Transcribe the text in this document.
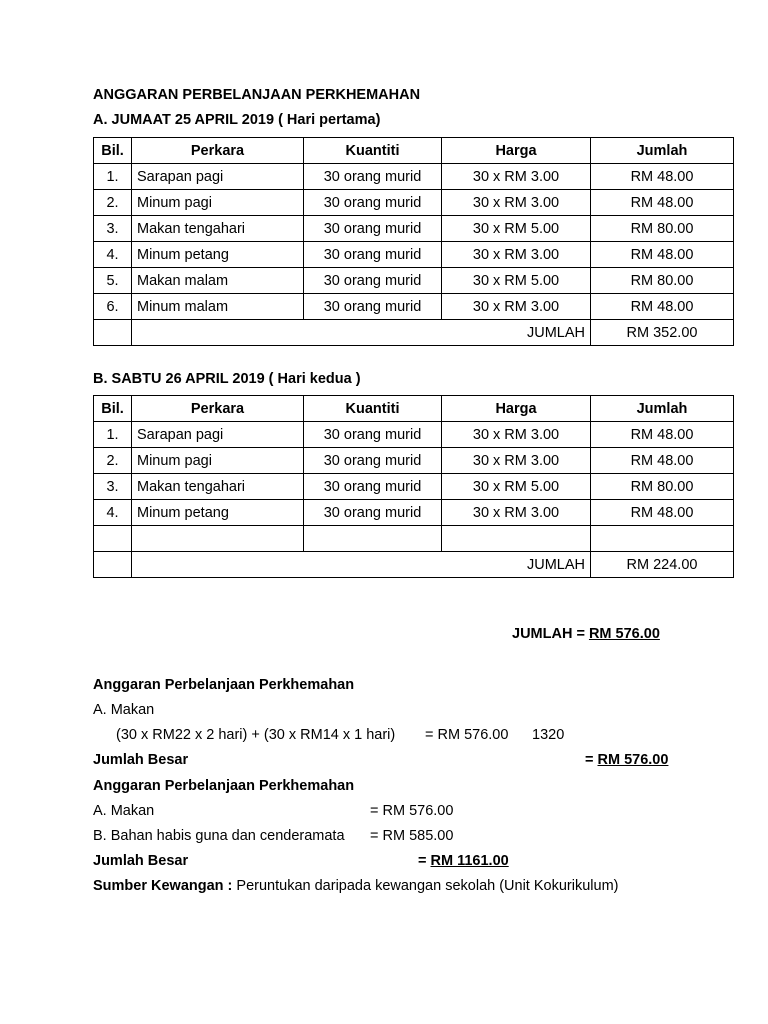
ANGGARAN PERBELANJAAN PERKHEMAHAN
A. JUMAAT 25 APRIL 2019 ( Hari pertama)
Bil.	Perkara	Kuantiti	Harga	Jumlah
1.	Sarapan pagi	30 orang murid	30 x RM 3.00	RM 48.00
2.	Minum pagi	30 orang murid	30 x RM 3.00	RM 48.00
3.	Makan tengahari	30 orang murid	30 x RM 5.00	RM 80.00
4.	Minum petang	30 orang murid	30 x RM 3.00	RM 48.00
5.	Makan malam	30 orang murid	30 x RM 5.00	RM 80.00
6.	Minum malam	30 orang murid	30 x RM 3.00	RM 48.00
	JUMLAH			RM 352.00
B. SABTU 26 APRIL 2019 ( Hari kedua )
Bil.	Perkara	Kuantiti	Harga	Jumlah
1.	Sarapan pagi	30 orang murid	30 x RM 3.00	RM 48.00
2.	Minum pagi	30 orang murid	30 x RM 3.00	RM 48.00
3.	Makan tengahari	30 orang murid	30 x RM 5.00	RM 80.00
4.	Minum petang	30 orang murid	30 x RM 3.00	RM 48.00

	JUMLAH			RM 224.00
JUMLAH = RM 576.00
Anggaran Perbelanjaan Perkhemahan
A. Makan
(30 x RM22 x 2 hari) + (30 x RM14 x 1 hari) = RM 576.00 1320
Jumlah Besar	= RM 576.00
Anggaran Perbelanjaan Perkhemahan
A. Makan	= RM 576.00
B. Bahan habis guna dan cenderamata = RM 585.00
Jumlah Besar	= RM 1161.00
Sumber Kewangan : Peruntukan daripada kewangan sekolah (Unit Kokurikulum)
